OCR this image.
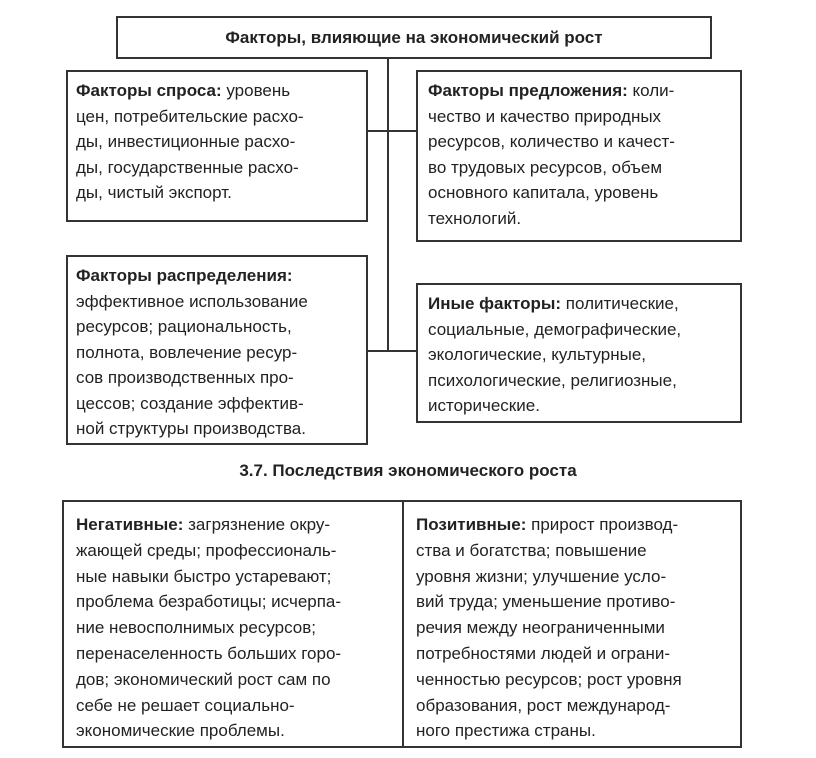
Факторы, влияющие на экономический рост
Факторы спроса: уровень
цен, потребительские расхо-
ды, инвестиционные расхо-
ды, государственные расхо-
ды, чистый экспорт.
Факторы предложения: коли-
чество и качество природных
ресурсов, количество и качест-
во трудовых ресурсов, объем
основного капитала, уровень
технологий.
Факторы распределения:
эффективное использование
ресурсов; рациональность,
полнота, вовлечение ресур-
сов производственных про-
цессов; создание эффектив-
ной структуры производства.
Иные факторы: политические,
социальные, демографические,
экологические, культурные,
психологические, религиозные,
исторические.
3.7. Последствия экономического роста
Негативные: загрязнение окру-
жающей среды; профессиональ-
ные навыки быстро устаревают;
проблема безработицы; исчерпа-
ние невосполнимых ресурсов;
перенаселенность больших горо-
дов; экономический рост сам по
себе не решает социально-
экономические проблемы.
Позитивные: прирост производ-
ства и богатства; повышение
уровня жизни; улучшение усло-
вий труда; уменьшение противо-
речия между неограниченными
потребностями людей и ограни-
ченностью ресурсов; рост уровня
образования, рост международ-
ного престижа страны.
